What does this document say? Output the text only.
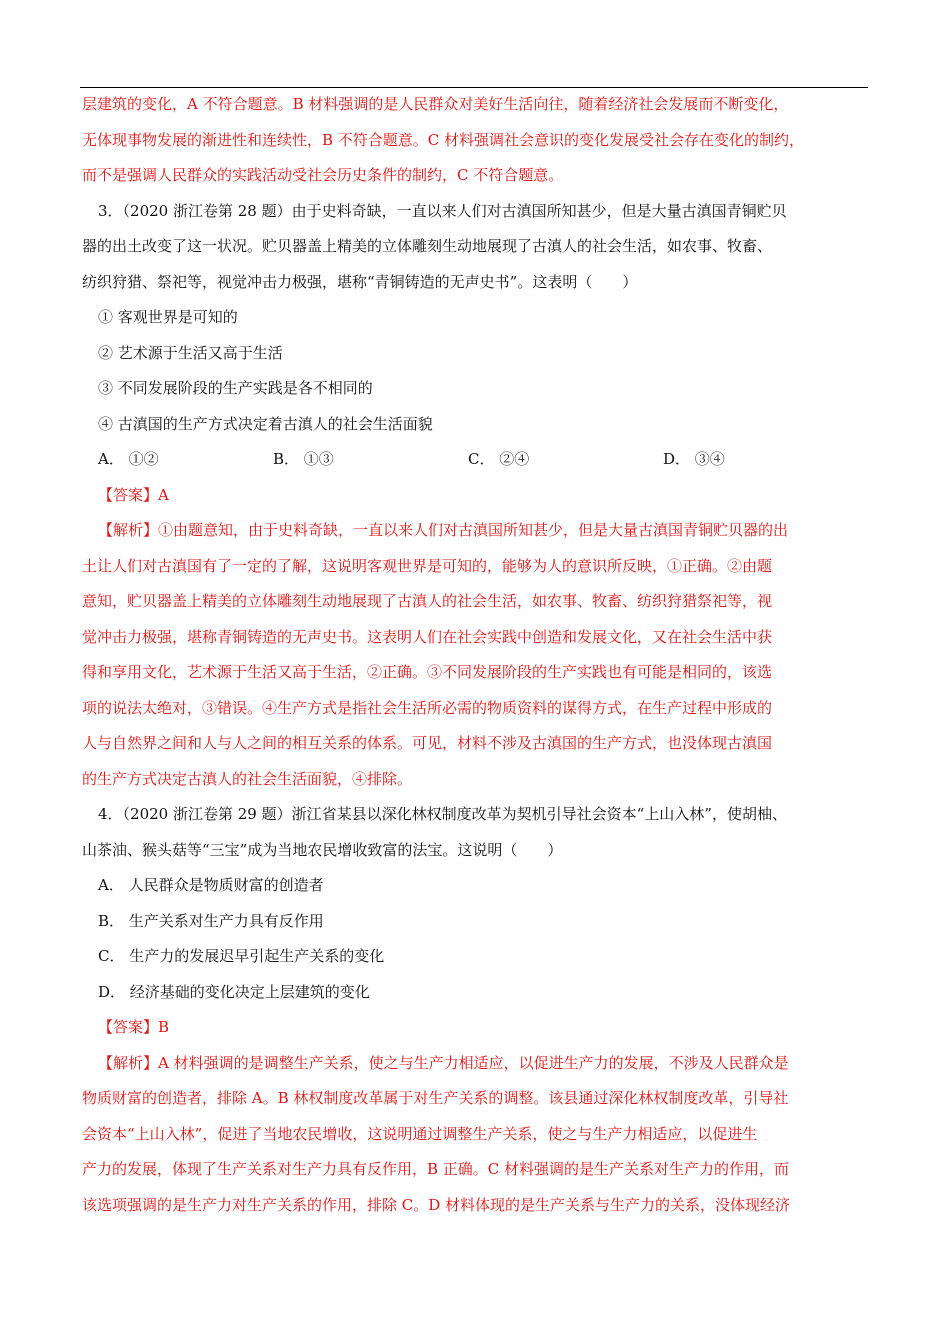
层建筑的变化，A 不符合题意。B 材料强调的是人民群众对美好生活向往，随着经济社会发展而不断变化，
无体现事物发展的渐进性和连续性，B 不符合题意。C 材料强调社会意识的变化发展受社会存在变化的制约，
而不是强调人民群众的实践活动受社会历史条件的制约，C 不符合题意。
3．（2020 浙江卷第 28 题）由于史料奇缺，一直以来人们对古滇国所知甚少，但是大量古滇国青铜贮贝
器的出土改变了这一状况。贮贝器盖上精美的立体雕刻生动地展现了古滇人的社会生活，如农事、牧畜、
纺织狩猎、祭祀等，视觉冲击力极强，堪称“青铜铸造的无声史书”。这表明（　　）
① 客观世界是可知的
② 艺术源于生活又高于生活
③ 不同发展阶段的生产实践是各不相同的
④ 古滇国的生产方式决定着古滇人的社会生活面貌
A． ①②	B． ①③	C． ②④	D． ③④
【答案】A
【解析】①由题意知，由于史料奇缺，一直以来人们对古滇国所知甚少，但是大量古滇国青铜贮贝器的出
土让人们对古滇国有了一定的了解，这说明客观世界是可知的，能够为人的意识所反映，①正确。②由题
意知，贮贝器盖上精美的立体雕刻生动地展现了古滇人的社会生活，如农事、牧畜、纺织狩猎祭祀等，视
觉冲击力极强，堪称青铜铸造的无声史书。这表明人们在社会实践中创造和发展文化，又在社会生活中获
得和享用文化，艺术源于生活又高于生活，②正确。③不同发展阶段的生产实践也有可能是相同的，该选
项的说法太绝对，③错误。④生产方式是指社会生活所必需的物质资料的谋得方式，在生产过程中形成的
人与自然界之间和人与人之间的相互关系的体系。可见，材料不涉及古滇国的生产方式，也没体现古滇国
的生产方式决定古滇人的社会生活面貌，④排除。
4．（2020 浙江卷第 29 题）浙江省某县以深化林权制度改革为契机引导社会资本“上山入林”，使胡柚、
山茶油、猴头菇等“三宝”成为当地农民增收致富的法宝。这说明（　　）
A． 人民群众是物质财富的创造者
B． 生产关系对生产力具有反作用
C． 生产力的发展迟早引起生产关系的变化
D． 经济基础的变化决定上层建筑的变化
【答案】B
【解析】A 材料强调的是调整生产关系，使之与生产力相适应，以促进生产力的发展，不涉及人民群众是
物质财富的创造者，排除 A。B 林权制度改革属于对生产关系的调整。该县通过深化林权制度改革，引导社
会资本“上山入林”，促进了当地农民增收，这说明通过调整生产关系，使之与生产力相适应，以促进生
产力的发展，体现了生产关系对生产力具有反作用，B 正确。C 材料强调的是生产关系对生产力的作用，而
该选项强调的是生产力对生产关系的作用，排除 C。D 材料体现的是生产关系与生产力的关系，没体现经济
